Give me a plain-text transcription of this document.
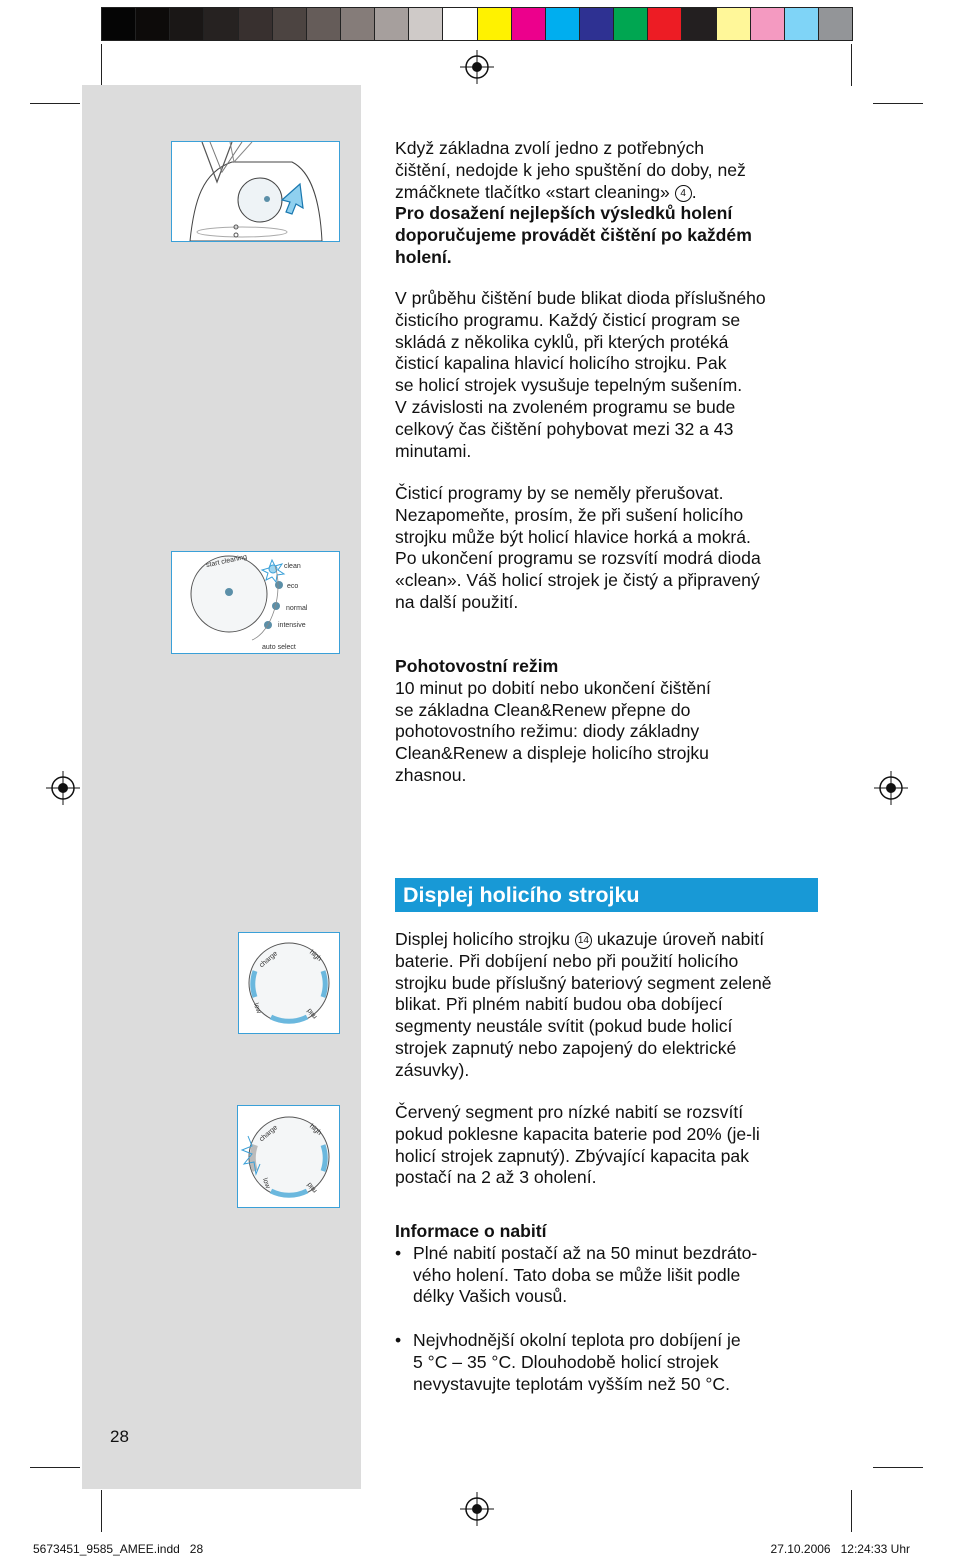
start cleaning	clean
eco
normal
intensive
auto select
charge	high
mid
low
charge	high
mid
low
Když základna zvolí jedno z potřebných
čištění, nedojde k jeho spuštění do doby, než
zmáčknete tlačítko «start cleaning» 4 .
Pro dosažení nejlepších výsledků holení
doporučujeme provádět čištění po každém
holení.
V průběhu čištění bude blikat dioda příslušného
čisticího programu. Každý čisticí program se
skládá z několika cyklů, při kterých protéká
čisticí kapalina hlavicí holicího strojku. Pak
se holicí strojek vysušuje tepelným sušením.
V závislosti na zvoleném programu se bude
celkový čas čištění pohybovat mezi 32 a 43
minutami.
Čisticí programy by se neměly přerušovat.
Nezapomeňte, prosím, že při sušení holicího
strojku může být holicí hlavice horká a mokrá.
Po ukončení programu se rozsvítí modrá dioda
«clean». Váš holicí strojek je čistý a připravený
na další použití.
Pohotovostní režim
10 minut po dobití nebo ukončení čištění
se základna Clean&Renew přepne do
pohotovostního režimu: diody základny
Clean&Renew a displeje holicího strojku
zhasnou.
Displej holicího strojku
Displej holicího strojku 14 ukazuje úroveň nabití
baterie. Při dobíjení nebo při použití holicího
strojku bude příslušný bateriový segment zeleně
blikat. Při plném nabití budou oba dobíjecí
segmenty neustále svítit (pokud bude holicí
strojek zapnutý nebo zapojený do elektrické
zásuvky).
Červený segment pro nízké nabití se rozsvítí
pokud poklesne kapacita baterie pod 20% (je-li
holicí strojek zapnutý). Zbývající kapacita pak
postačí na 2 až 3 oholení.
Informace o nabití
• Plné nabití postačí až na 50 minut bezdráto-
vého holení. Tato doba se může lišit podle
délky Vašich vousů.
• Nejvhodnější okolní teplota pro dobíjení je
5 °C – 35 °C. Dlouhodobě holicí strojek
nevystavujte teplotám vyšším než 50 °C.
28
5673451_9585_AMEE.indd   28	27.10.2006   12:24:33 Uhr
